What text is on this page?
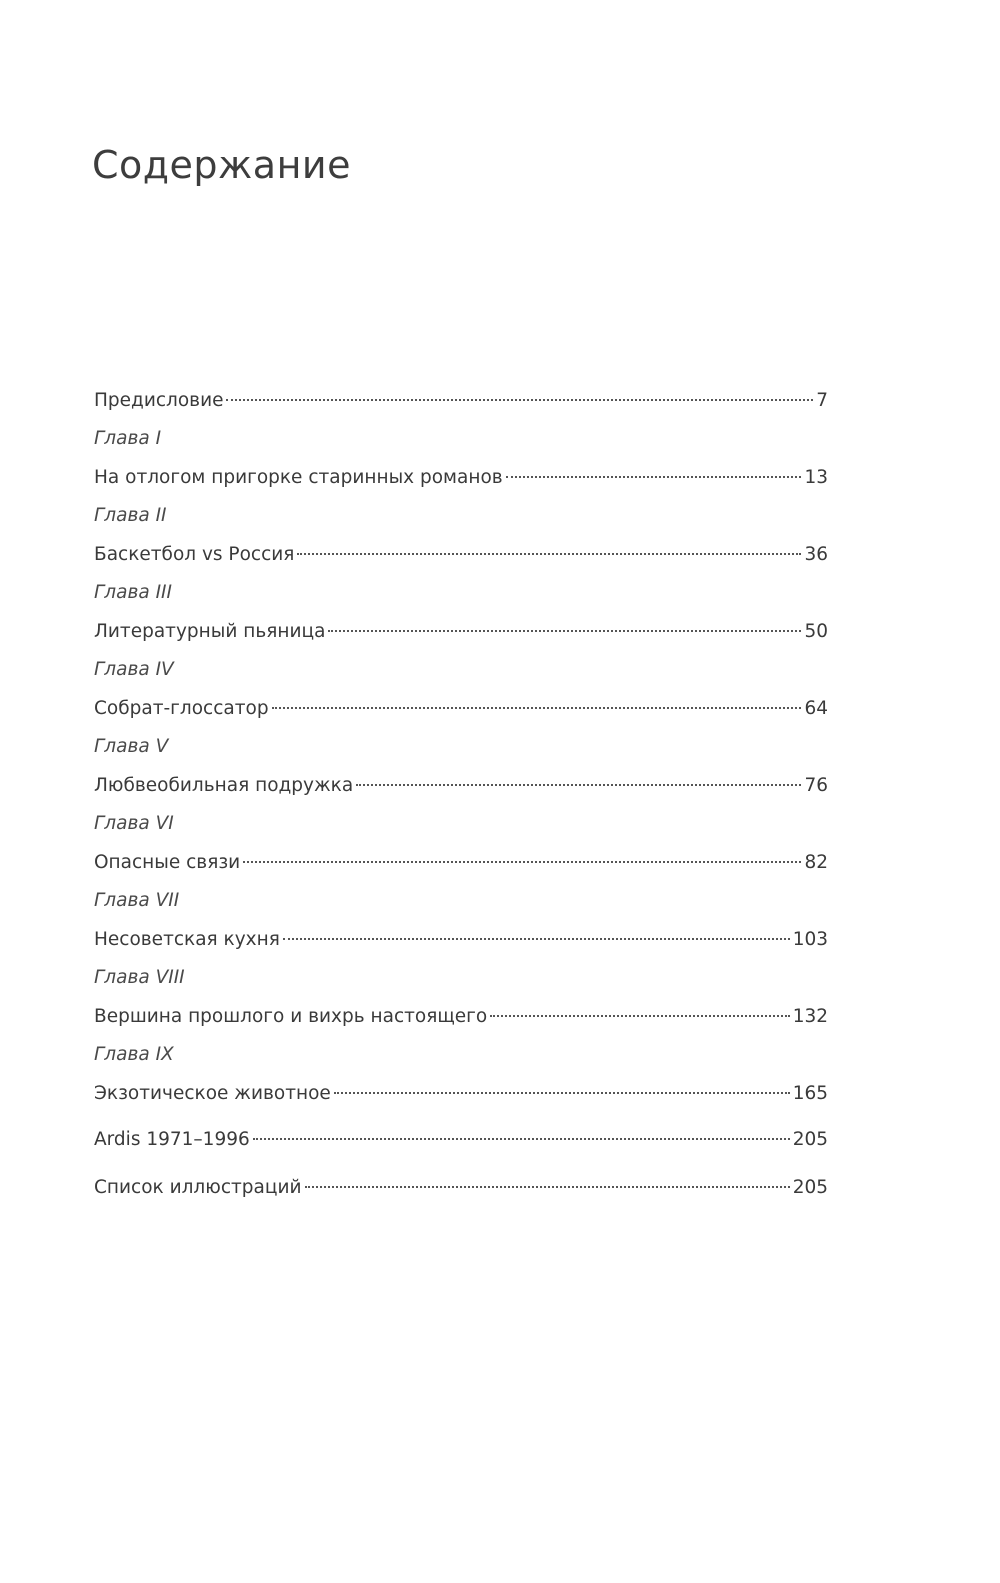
Содержание
Предисловие	7
Глава I
На отлогом пригорке старинных романов	13
Глава II
Баскетбол vs Россия	36
Глава III
Литературный пьяница	50
Глава IV
Собрат-глоссатор	64
Глава V
Любвеобильная подружка	76
Глава VI
Опасные связи	82
Глава VII
Несоветская кухня	103
Глава VIII
Вершина прошлого и вихрь настоящего	132
Глава IX
Экзотическое животное	165
Ardis 1971–1996	205
Список иллюстраций	205
